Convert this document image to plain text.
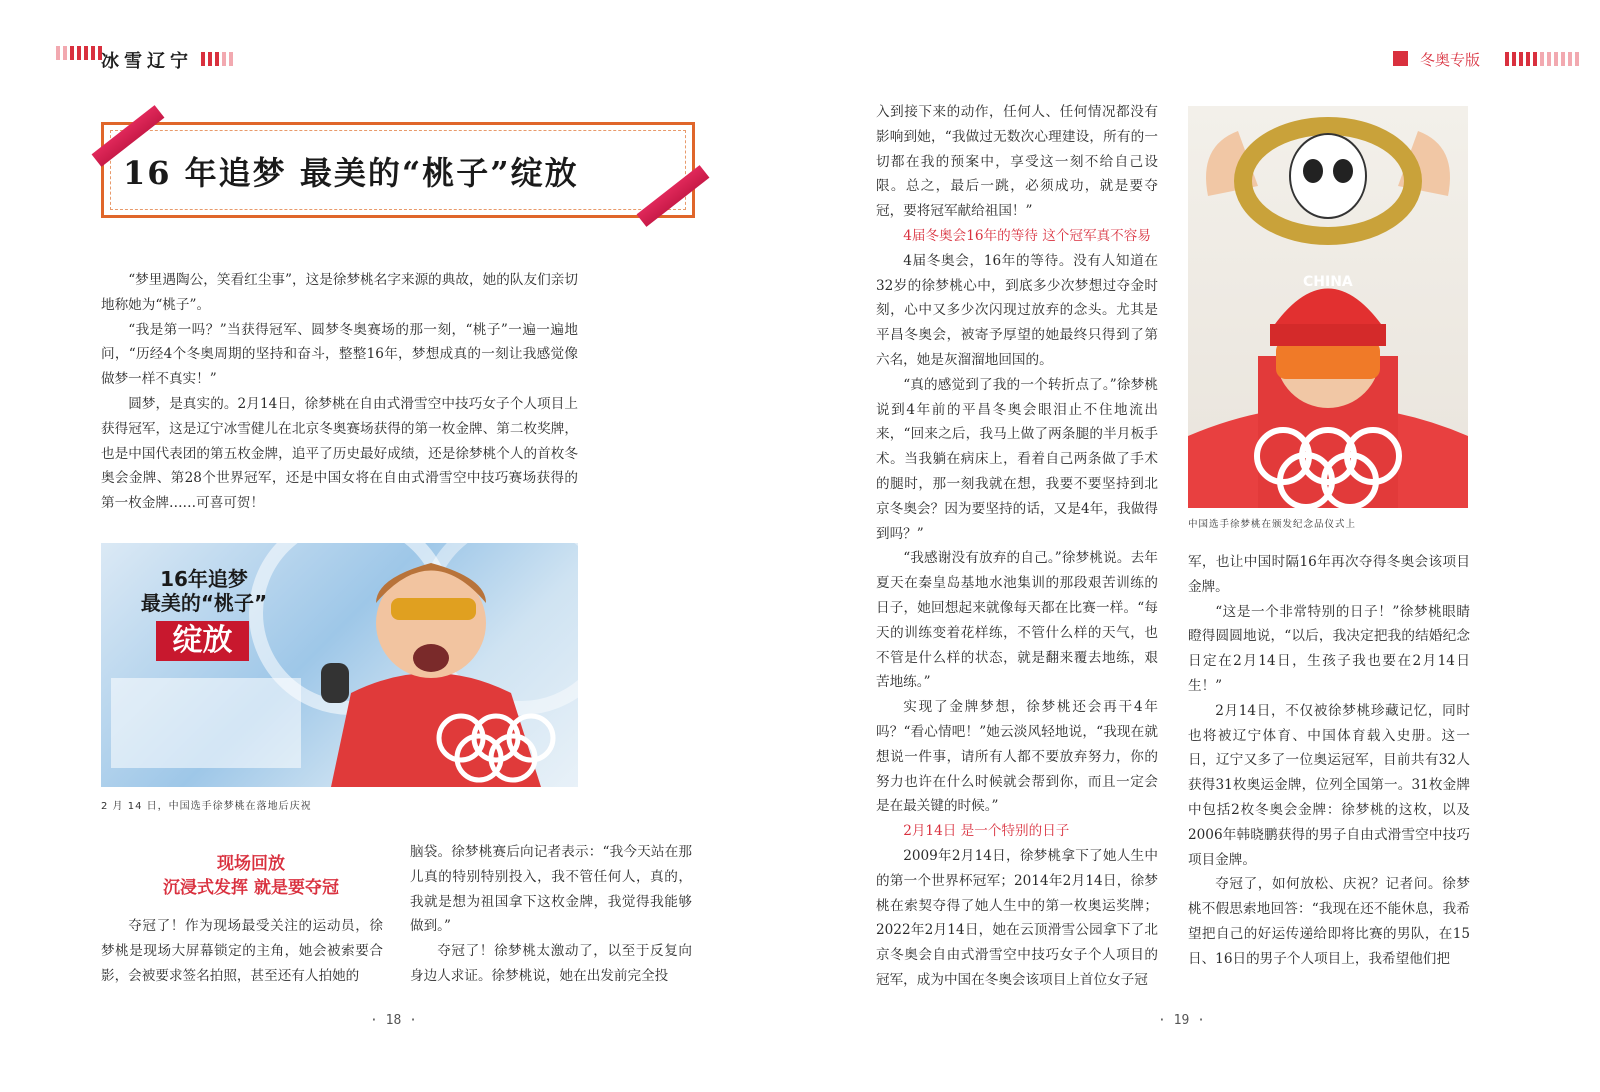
冰雪辽宁	冬奥专版
16 年追梦 最美的“桃子”绽放

“梦里遇陶公，笑看红尘事”，这是徐梦桃名字来源的典故，她的队友们亲切地称她为“桃子”。

“我是第一吗？”当获得冠军、圆梦冬奥赛场的那一刻，“桃子”一遍一遍地问，“历经4个冬奥周期的坚持和奋斗，整整16年，梦想成真的一刻让我感觉像做梦一样不真实！”

圆梦，是真实的。2月14日，徐梦桃在自由式滑雪空中技巧女子个人项目上获得冠军，这是辽宁冰雪健儿在北京冬奥赛场获得的第一枚金牌、第二枚奖牌，也是中国代表团的第五枚金牌，追平了历史最好成绩，还是徐梦桃个人的首枚冬奥会金牌、第28个世界冠军，还是中国女将在自由式滑雪空中技巧赛场获得的第一枚金牌……可喜可贺！

16年追梦
最美的“桃子”
绽放
2 月 14 日，中国选手徐梦桃在落地后庆祝
现场回放
沉浸式发挥 就是要夺冠

夺冠了！作为现场最受关注的运动员，徐梦桃是现场大屏幕锁定的主角，她会被索要合影，会被要求签名拍照，甚至还有人拍她的

脑袋。徐梦桃赛后向记者表示：“我今天站在那儿真的特别特别投入，我不管任何人，真的，我就是想为祖国拿下这枚金牌，我觉得我能够做到。”

夺冠了！徐梦桃太激动了，以至于反复向身边人求证。徐梦桃说，她在出发前完全投

入到接下来的动作，任何人、任何情况都没有影响到她，“我做过无数次心理建设，所有的一切都在我的预案中，享受这一刻不给自己设限。总之，最后一跳，必须成功，就是要夺冠，要将冠军献给祖国！”

4届冬奥会16年的等待 这个冠军真不容易

4届冬奥会，16年的等待。没有人知道在32岁的徐梦桃心中，到底多少次梦想过夺金时刻，心中又多少次闪现过放弃的念头。尤其是平昌冬奥会，被寄予厚望的她最终只得到了第六名，她是灰溜溜地回国的。

“真的感觉到了我的一个转折点了。”徐梦桃说到4年前的平昌冬奥会眼泪止不住地流出来，“回来之后，我马上做了两条腿的半月板手术。当我躺在病床上，看着自己两条做了手术的腿时，那一刻我就在想，我要不要坚持到北京冬奥会？因为要坚持的话，又是4年，我做得到吗？”

“我感谢没有放弃的自己。”徐梦桃说。去年夏天在秦皇岛基地水池集训的那段艰苦训练的日子，她回想起来就像每天都在比赛一样。“每天的训练变着花样练，不管什么样的天气，也不管是什么样的状态，就是翻来覆去地练，艰苦地练。”

实现了金牌梦想，徐梦桃还会再干4年吗？“看心情吧！”她云淡风轻地说，“我现在就想说一件事，请所有人都不要放弃努力，你的努力也许在什么时候就会帮到你，而且一定会是在最关键的时候。”

2月14日 是一个特别的日子

2009年2月14日，徐梦桃拿下了她人生中的第一个世界杯冠军；2014年2月14日，徐梦桃在索契夺得了她人生中的第一枚奥运奖牌；2022年2月14日，她在云顶滑雪公园拿下了北京冬奥会自由式滑雪空中技巧女子个人项目的冠军，成为中国在冬奥会该项目上首位女子冠

CHINA
中国选手徐梦桃在颁发纪念品仪式上

军，也让中国时隔16年再次夺得冬奥会该项目金牌。

“这是一个非常特别的日子！”徐梦桃眼睛瞪得圆圆地说，“以后，我决定把我的结婚纪念日定在2月14日，生孩子我也要在2月14日生！”

2月14日，不仅被徐梦桃珍藏记忆，同时也将被辽宁体育、中国体育载入史册。这一日，辽宁又多了一位奥运冠军，目前共有32人获得31枚奥运金牌，位列全国第一。31枚金牌中包括2枚冬奥会金牌：徐梦桃的这枚，以及2006年韩晓鹏获得的男子自由式滑雪空中技巧项目金牌。

夺冠了，如何放松、庆祝？记者问。徐梦桃不假思索地回答：“我现在还不能休息，我希望把自己的好运传递给即将比赛的男队，在15日、16日的男子个人项目上，我希望他们把

· 18 ·	· 19 ·
